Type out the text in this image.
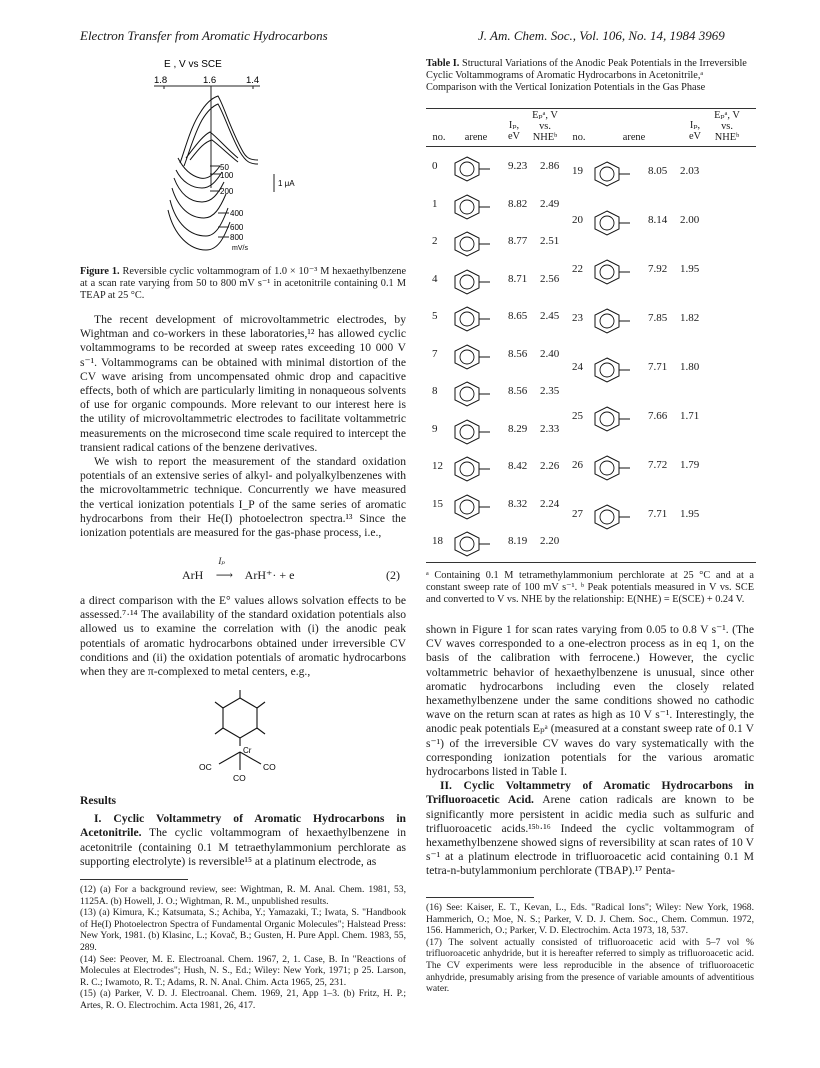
Electron Transfer from Aromatic Hydrocarbons	J. Am. Chem. Soc., Vol. 106, No. 14, 1984 3969
E , V vs SCE
1.8	1.6	1.4
50
100
200
400
600
800
mV/s
1 μA
Figure 1. Reversible cyclic voltammogram of 1.0 × 10⁻³ M hexaethylbenzene at a scan rate varying from 50 to 800 mV s⁻¹ in acetonitrile containing 0.1 M TEAP at 25 °C.

The recent development of microvoltammetric electrodes, by Wightman and co-workers in these laboratories,¹² has allowed cyclic voltammograms to be recorded at sweep rates exceeding 10 000 V s⁻¹. Voltammograms can be obtained with minimal distortion of the CV wave arising from uncompensated ohmic drop and capacitive effects, both of which are particularly limiting in nonaqueous solvents of use for organic compounds. More relevant to our interest here is the utility of microvoltammetric electrodes to facilitate voltammetric measurements on the microsecond time scale required to intercept the transient radical cations of the benzene derivatives.

We wish to report the measurement of the standard oxidation potentials of an extensive series of alkyl- and polyalkylbenzenes with the microvoltammetric technique. Concurrently we have measured the vertical ionization potentials I_P of the same series of aromatic hydrocarbons from their He(I) photoelectron spectra.¹³ Since the ionization potentials are measured for the gas-phase process, i.e.,

ArH
Iₚ
⟶ ArH⁺· + e	(2)

a direct comparison with the E° values allows solvation effects to be assessed.⁷·¹⁴ The availability of the standard oxidation potentials also allowed us to examine the correlation with (i) the anodic peak potentials of aromatic hydrocarbons obtained under irreversible CV conditions and (ii) the oxidation potentials of aromatic hydrocarbons when they are π-complexed to metal centers, e.g.,

Cr
OC	CO
CO

Results

I. Cyclic Voltammetry of Aromatic Hydrocarbons in Acetonitrile. The cyclic voltammogram of hexaethylbenzene in acetonitrile (containing 0.1 M tetraethylammonium perchlorate as supporting electrolyte) is reversible¹⁵ at a platinum electrode, as

(12) (a) For a background review, see: Wightman, R. M. Anal. Chem. 1981, 53, 1125A. (b) Howell, J. O.; Wightman, R. M., unpublished results.

(13) (a) Kimura, K.; Katsumata, S.; Achiba, Y.; Yamazaki, T.; Iwata, S. "Handbook of He(I) Photoelectron Spectra of Fundamental Organic Molecules"; Halstead Press: New York, 1981. (b) Klasinc, L.; Kovač, B.; Gusten, H. Pure Appl. Chem. 1983, 55, 289.

(14) See: Peover, M. E. Electroanal. Chem. 1967, 2, 1. Case, B. In "Reactions of Molecules at Electrodes"; Hush, N. S., Ed.; Wiley: New York, 1971; p 25. Larson, R. C.; Iwamoto, R. T.; Adams, R. N. Anal. Chim. Acta 1965, 25, 231.

(15) (a) Parker, V. D. J. Electroanal. Chem. 1969, 21, App 1–3. (b) Fritz, H. P.; Artes, R. O. Electrochim. Acta 1981, 26, 417.

Table I. Structural Variations of the Anodic Peak Potentials in the Irreversible Cyclic Voltammograms of Aromatic Hydrocarbons in Acetonitrile,ᵃ Comparison with the Vertical Ionization Potentials in the Gas Phase
no.	arene
Iₚ, eV
Eₚᵃ, V vs. NHEᵇ	no.	arene
Iₚ, eV
Eₚᵃ, V vs. NHEᵇ
0	9.23 2.86
1	8.82 2.49
2	8.77 2.51
4	8.71 2.56
5	8.65 2.45
7	8.56 2.40
8	8.56 2.35
9	8.29 2.33
12	8.42 2.26
15	8.32 2.24
18	8.19 2.20
19	8.05 2.03
20	8.14 2.00
22	7.92 1.95
23	7.85 1.82
24	7.71 1.80
25	7.66 1.71
26	7.72 1.79
27	7.71 1.95
ᵃ Containing 0.1 M tetramethylammonium perchlorate at 25 °C and at a constant sweep rate of 100 mV s⁻¹. ᵇ Peak potentials measured in V vs. SCE and converted to V vs. NHE by the relationship: E(NHE) = E(SCE) + 0.24 V.

shown in Figure 1 for scan rates varying from 0.05 to 0.8 V s⁻¹. (The CV waves corresponded to a one-electron process as in eq 1, on the basis of the calibration with ferrocene.) However, the cyclic voltammetric behavior of hexaethylbenzene is unusual, since other aromatic hydrocarbons including even the closely related hexamethylbenzene under the same conditions showed no cathodic wave on the return scan at rates as high as 10 V s⁻¹. Interestingly, the anodic peak potentials Eₚᵃ (measured at a constant sweep rate of 0.1 V s⁻¹) of the irreversible CV waves do vary systematically with the corresponding ionization potentials for the various aromatic hydrocarbons listed in Table I.

II. Cyclic Voltammetry of Aromatic Hydrocarbons in Trifluoroacetic Acid. Arene cation radicals are known to be significantly more persistent in acidic media such as sulfuric and trifluoroacetic acids.¹⁵ᵇ·¹⁶ Indeed the cyclic voltammogram of hexamethylbenzene showed signs of reversibility at scan rates of 10 V s⁻¹ at a platinum electrode in trifluoroacetic acid containing 0.1 M tetra-n-butylammonium perchlorate (TBAP).¹⁷ Penta-

(16) See: Kaiser, E. T., Kevan, L., Eds. "Radical Ions"; Wiley: New York, 1968. Hammerich, O.; Moe, N. S.; Parker, V. D. J. Chem. Soc., Chem. Commun. 1972, 156. Hammerich, O.; Parker, V. D. Electrochim. Acta 1973, 18, 537.

(17) The solvent actually consisted of trifluoroacetic acid with 5–7 vol % trifluoroacetic anhydride, but it is hereafter referred to simply as trifluoroacetic acid. The CV experiments were less reproducible in the absence of trifluoroacetic anhydride, presumably arising from the presence of variable amounts of adventitious water.
